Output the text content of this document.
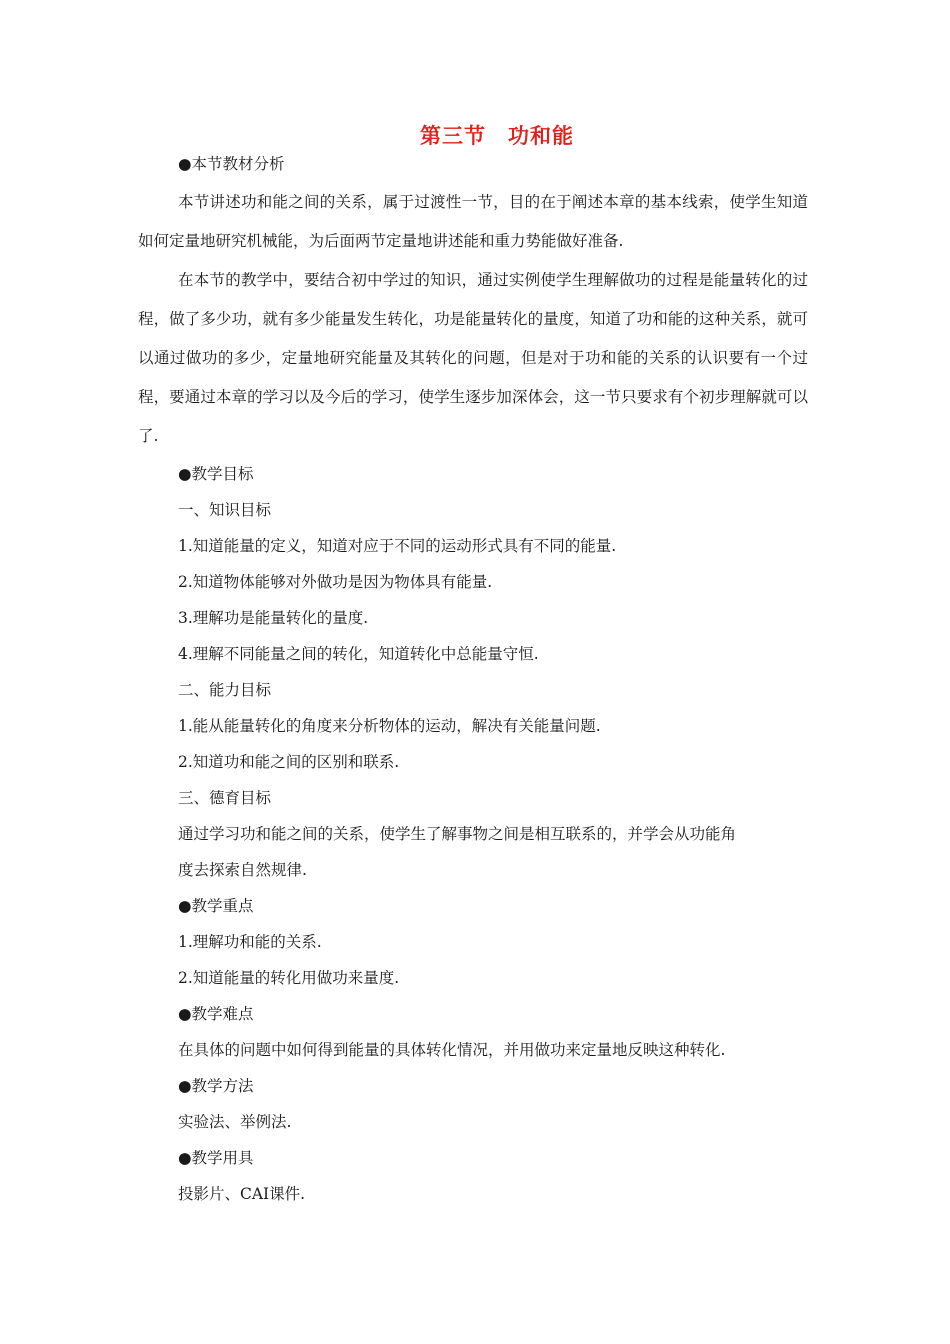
第三节　功和能
●本节教材分析
本节讲述功和能之间的关系，属于过渡性一节，目的在于阐述本章的基本线索，使学生知道如何定量地研究机械能，为后面两节定量地讲述能和重力势能做好准备.
在本节的教学中，要结合初中学过的知识，通过实例使学生理解做功的过程是能量转化的过程，做了多少功，就有多少能量发生转化，功是能量转化的量度，知道了功和能的这种关系，就可以通过做功的多少，定量地研究能量及其转化的问题，但是对于功和能的关系的认识要有一个过程，要通过本章的学习以及今后的学习，使学生逐步加深体会，这一节只要求有个初步理解就可以了.
●教学目标
一、知识目标
1.知道能量的定义，知道对应于不同的运动形式具有不同的能量.
2.知道物体能够对外做功是因为物体具有能量.
3.理解功是能量转化的量度.
4.理解不同能量之间的转化，知道转化中总能量守恒.
二、能力目标
1.能从能量转化的角度来分析物体的运动，解决有关能量问题.
2.知道功和能之间的区别和联系.
三、德育目标
通过学习功和能之间的关系，使学生了解事物之间是相互联系的，并学会从功能角
度去探索自然规律.
●教学重点
1.理解功和能的关系.
2.知道能量的转化用做功来量度.
●教学难点
在具体的问题中如何得到能量的具体转化情况，并用做功来定量地反映这种转化.
●教学方法
实验法、举例法.
●教学用具
投影片、CAI课件.
